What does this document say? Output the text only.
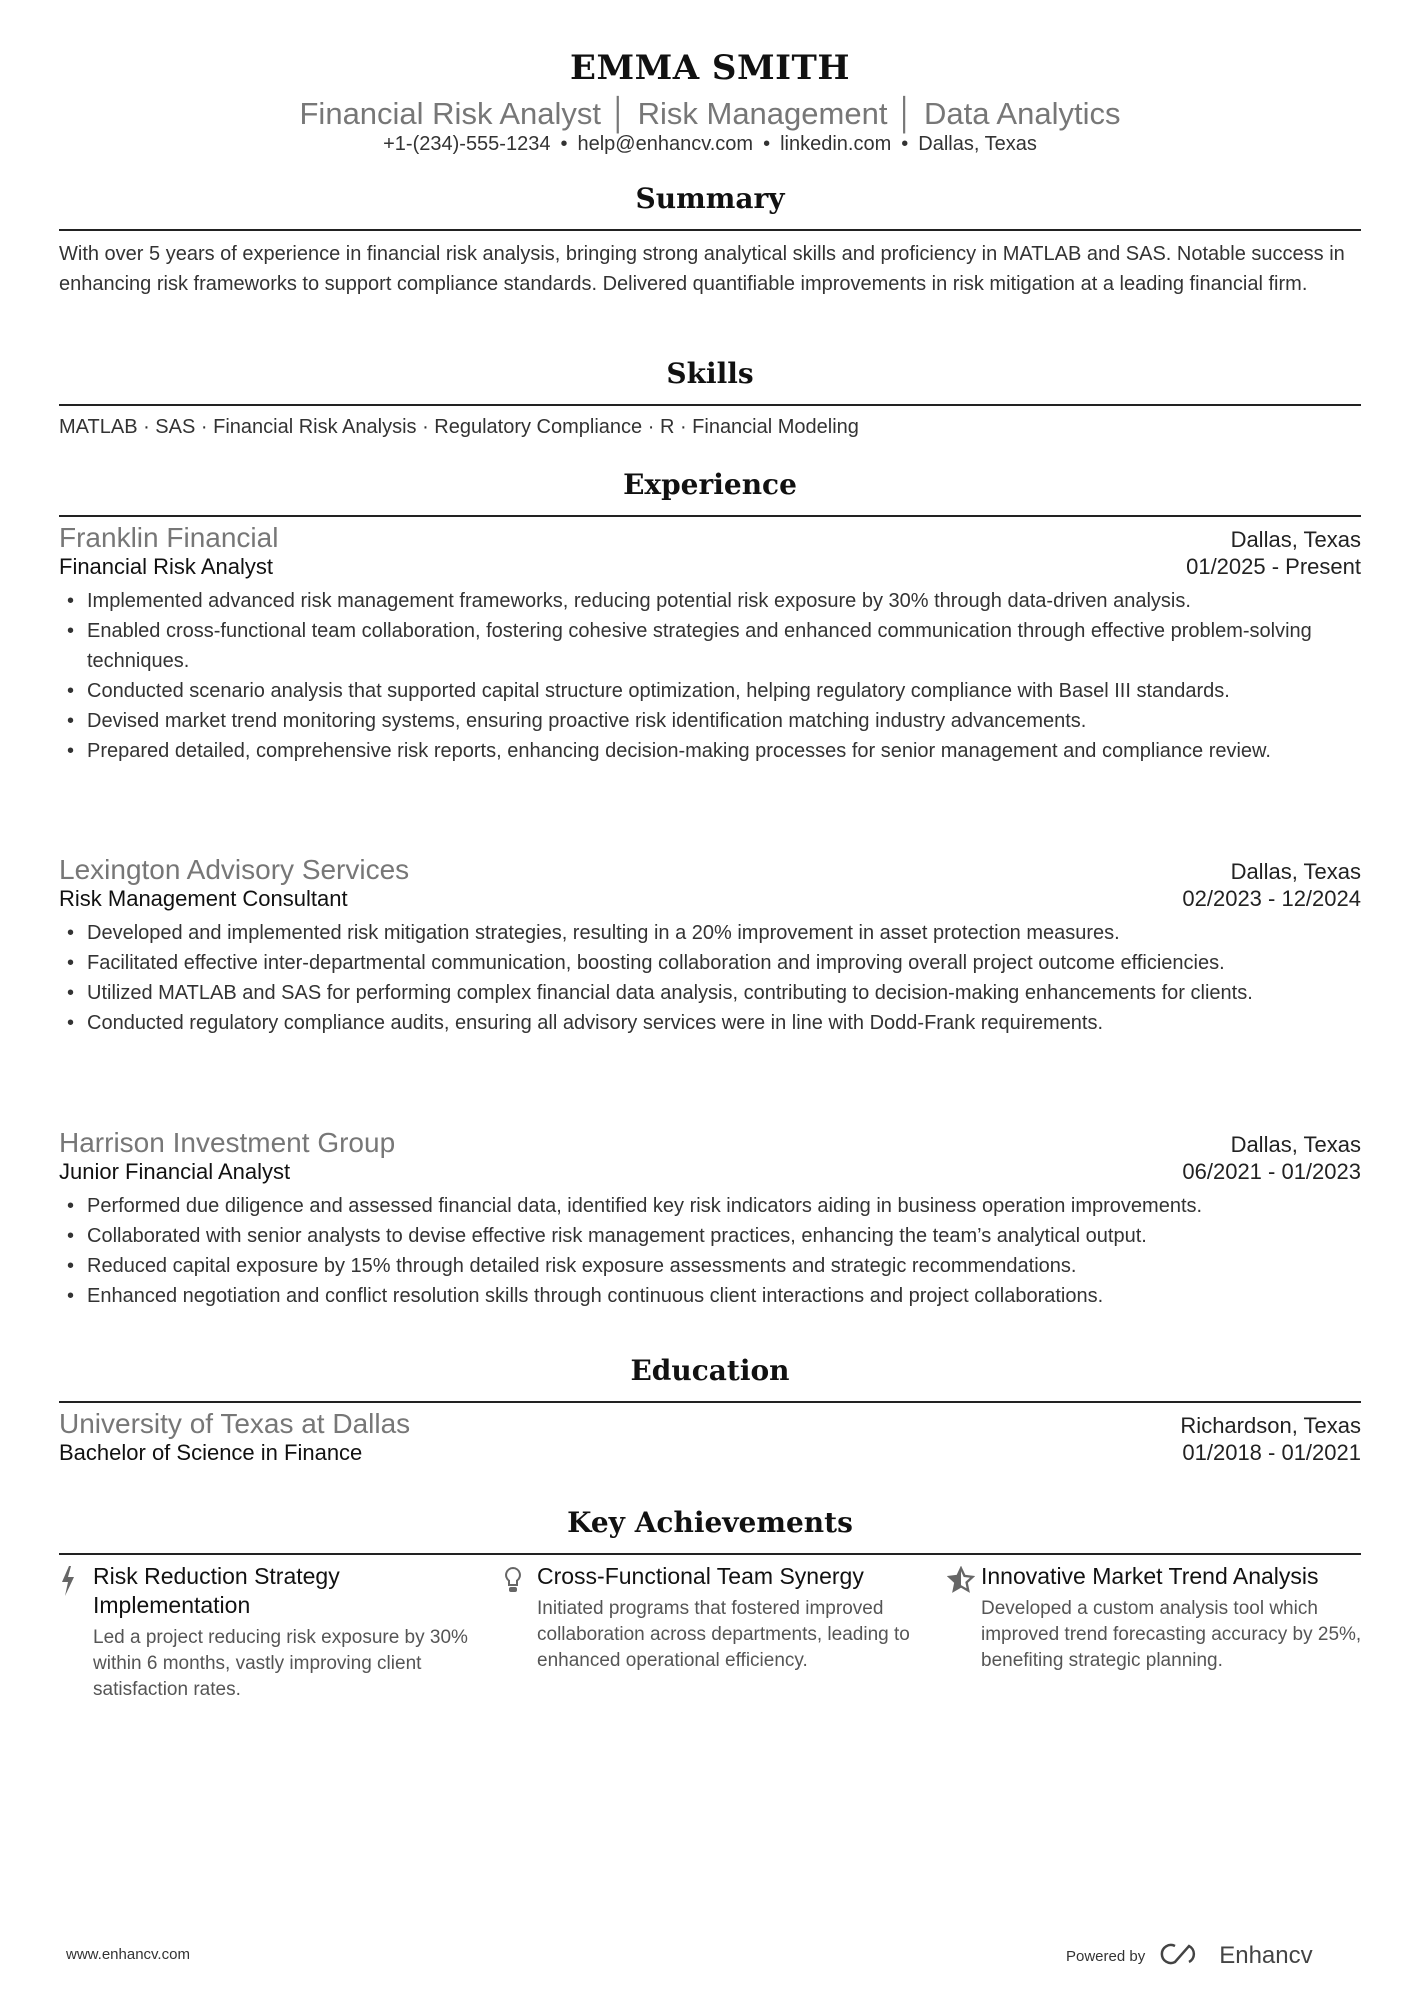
EMMA SMITH
Financial Risk Analyst │ Risk Management │ Data Analytics
+1-(234)-555-1234 • help@enhancv.com • linkedin.com • Dallas, Texas
Summary
With over 5 years of experience in financial risk analysis, bringing strong analytical skills and proficiency in MATLAB and SAS. Notable success in enhancing risk frameworks to support compliance standards. Delivered quantifiable improvements in risk mitigation at a leading financial firm.
Skills
MATLAB · SAS · Financial Risk Analysis · Regulatory Compliance · R · Financial Modeling
Experience
Franklin Financial	Dallas, Texas
Financial Risk Analyst	01/2025 - Present
• Implemented advanced risk management frameworks, reducing potential risk exposure by 30% through data-driven analysis.
• Enabled cross-functional team collaboration, fostering cohesive strategies and enhanced communication through effective problem-solving techniques.
• Conducted scenario analysis that supported capital structure optimization, helping regulatory compliance with Basel III standards.
• Devised market trend monitoring systems, ensuring proactive risk identification matching industry advancements.
• Prepared detailed, comprehensive risk reports, enhancing decision-making processes for senior management and compliance review.
Lexington Advisory Services	Dallas, Texas
Risk Management Consultant	02/2023 - 12/2024
• Developed and implemented risk mitigation strategies, resulting in a 20% improvement in asset protection measures.
• Facilitated effective inter-departmental communication, boosting collaboration and improving overall project outcome efficiencies.
• Utilized MATLAB and SAS for performing complex financial data analysis, contributing to decision-making enhancements for clients.
• Conducted regulatory compliance audits, ensuring all advisory services were in line with Dodd-Frank requirements.
Harrison Investment Group	Dallas, Texas
Junior Financial Analyst	06/2021 - 01/2023
• Performed due diligence and assessed financial data, identified key risk indicators aiding in business operation improvements.
• Collaborated with senior analysts to devise effective risk management practices, enhancing the team’s analytical output.
• Reduced capital exposure by 15% through detailed risk exposure assessments and strategic recommendations.
• Enhanced negotiation and conflict resolution skills through continuous client interactions and project collaborations.
Education
University of Texas at Dallas	Richardson, Texas
Bachelor of Science in Finance	01/2018 - 01/2021
Key Achievements
Risk Reduction Strategy Implementation

Led a project reducing risk exposure by 30% within 6 months, vastly improving client satisfaction rates.

Cross-Functional Team Synergy

Initiated programs that fostered improved collaboration across departments, leading to enhanced operational efficiency.

Innovative Market Trend Analysis

Developed a custom analysis tool which improved trend forecasting accuracy by 25%, benefiting strategic planning.

www.enhancv.com	Powered by	Enhancv
